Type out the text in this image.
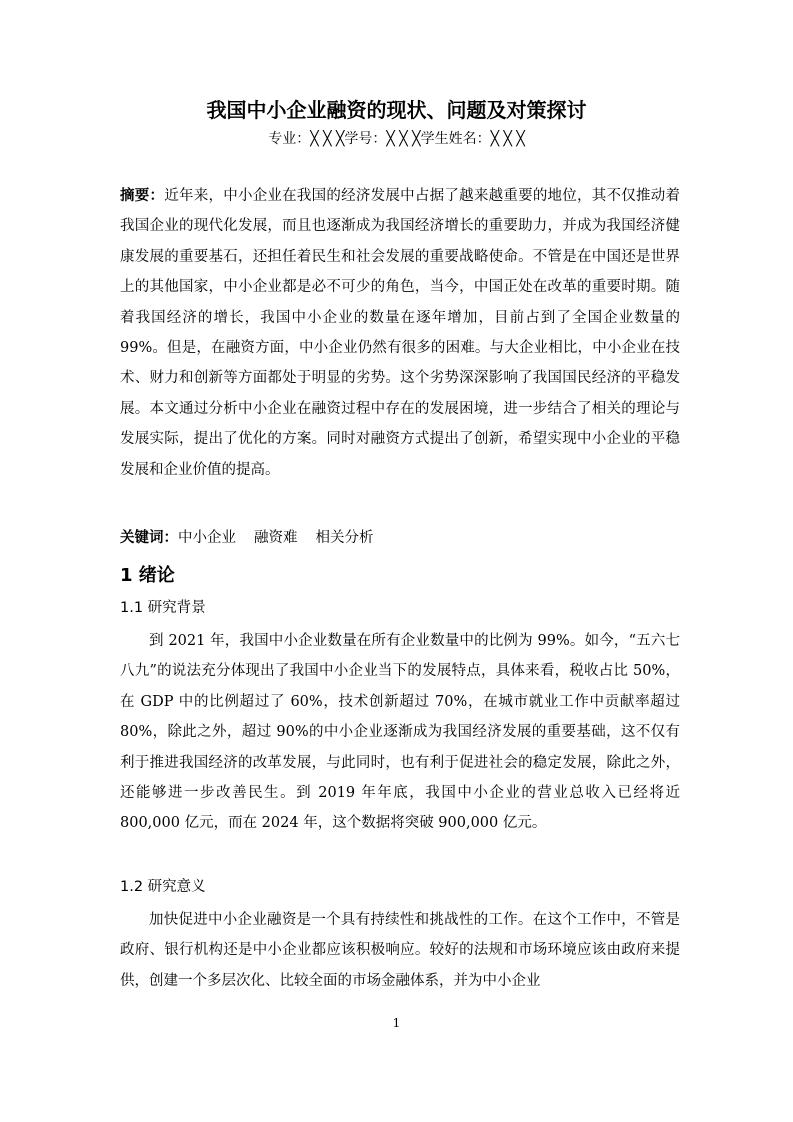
我国中小企业融资的现状、问题及对策探讨
专业：╳ ╳ ╳学号：╳ ╳ ╳学生姓名：╳ ╳ ╳
摘要：近年来，中小企业在我国的经济发展中占据了越来越重要的地位，其不仅推动着我国企业的现代化发展，而且也逐渐成为我国经济增长的重要助力，并成为我国经济健康发展的重要基石，还担任着民生和社会发展的重要战略使命。不管是在中国还是世界上的其他国家，中小企业都是必不可少的角色，当今，中国正处在改革的重要时期。随着我国经济的增长，我国中小企业的数量在逐年增加，目前占到了全国企业数量的99%。但是，在融资方面，中小企业仍然有很多的困难。与大企业相比，中小企业在技术、财力和创新等方面都处于明显的劣势。这个劣势深深影响了我国国民经济的平稳发展。本文通过分析中小企业在融资过程中存在的发展困境，进一步结合了相关的理论与发展实际，提出了优化的方案。同时对融资方式提出了创新，希望实现中小企业的平稳发展和企业价值的提高。
关键词：中小企业 融资难 相关分析
1 绪论
1.1 研究背景
到 2021 年，我国中小企业数量在所有企业数量中的比例为 99%。如今，“五六七八九”的说法充分体现出了我国中小企业当下的发展特点，具体来看，税收占比 50%，在 GDP 中的比例超过了 60%，技术创新超过 70%，在城市就业工作中贡献率超过 80%，除此之外，超过 90%的中小企业逐渐成为我国经济发展的重要基础，这不仅有利于推进我国经济的改革发展，与此同时，也有利于促进社会的稳定发展，除此之外，还能够进一步改善民生。到 2019 年年底，我国中小企业的营业总收入已经将近 800,000 亿元，而在 2024 年，这个数据将突破 900,000 亿元。
1.2 研究意义
加快促进中小企业融资是一个具有持续性和挑战性的工作。在这个工作中，不管是政府、银行机构还是中小企业都应该积极响应。较好的法规和市场环境应该由政府来提供，创建一个多层次化、比较全面的市场金融体系，并为中小企业
1
